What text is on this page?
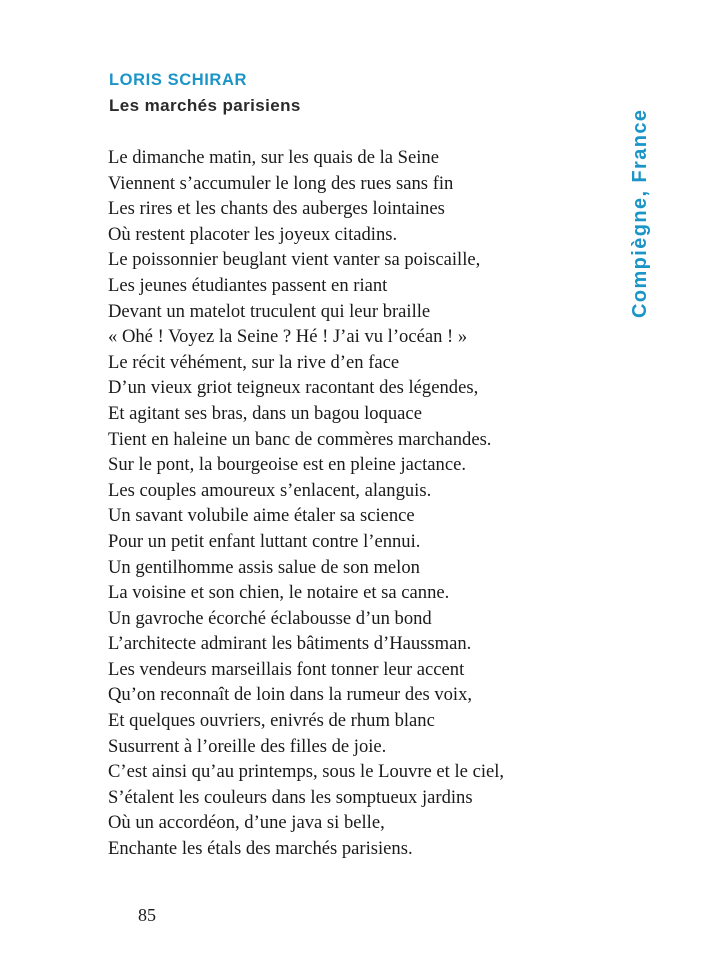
LORIS SCHIRAR
Les marchés parisiens
Le dimanche matin, sur les quais de la Seine
Viennent s’accumuler le long des rues sans fin
Les rires et les chants des auberges lointaines
Où restent placoter les joyeux citadins.
Le poissonnier beuglant vient vanter sa poiscaille,
Les jeunes étudiantes passent en riant
Devant un matelot truculent qui leur braille
« Ohé ! Voyez la Seine ? Hé ! J’ai vu l’océan ! »
Le récit véhément, sur la rive d’en face
D’un vieux griot teigneux racontant des légendes,
Et agitant ses bras, dans un bagou loquace
Tient en haleine un banc de commères marchandes.
Sur le pont, la bourgeoise est en pleine jactance.
Les couples amoureux s’enlacent, alanguis.
Un savant volubile aime étaler sa science
Pour un petit enfant luttant contre l’ennui.
Un gentilhomme assis salue de son melon
La voisine et son chien, le notaire et sa canne.
Un gavroche écorché éclabousse d’un bond
L’architecte admirant les bâtiments d’Haussman.
Les vendeurs marseillais font tonner leur accent
Qu’on reconnaît de loin dans la rumeur des voix,
Et quelques ouvriers, enivrés de rhum blanc
Susurrent à l’oreille des filles de joie.
C’est ainsi qu’au printemps, sous le Louvre et le ciel,
S’étalent les couleurs dans les somptueux jardins
Où un accordéon, d’une java si belle,
Enchante les étals des marchés parisiens.
Compiègne, France
85
